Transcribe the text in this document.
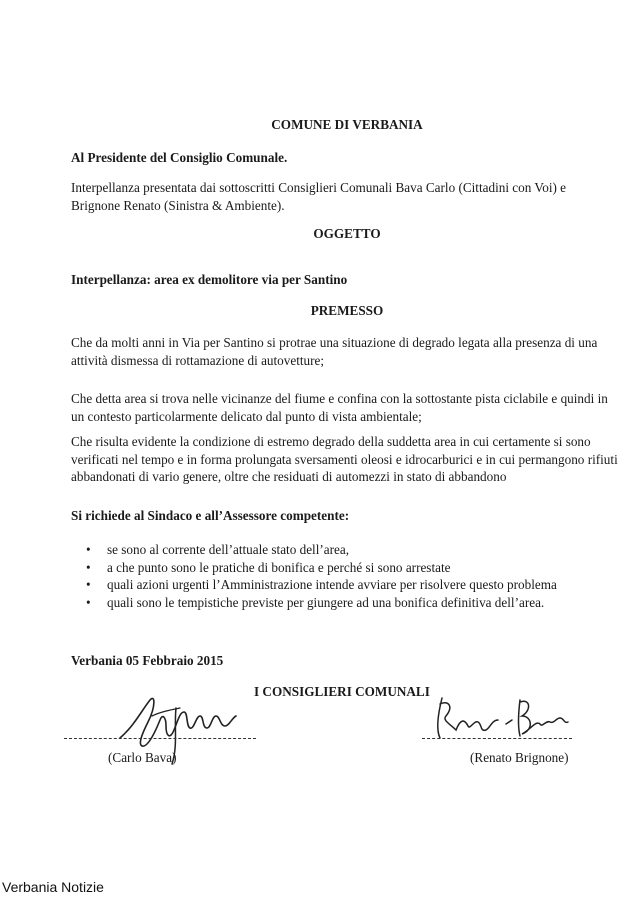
COMUNE DI VERBANIA

Al Presidente del Consiglio Comunale.

Interpellanza presentata dai sottoscritti Consiglieri Comunali Bava Carlo (Cittadini con Voi) e Brignone Renato (Sinistra & Ambiente).

OGGETTO

Interpellanza: area ex demolitore via per Santino

PREMESSO

Che da molti anni in Via per Santino si protrae una situazione di degrado legata alla presenza di una attività dismessa di rottamazione di autovetture;

Che detta area si trova nelle vicinanze del fiume e confina con la sottostante pista ciclabile e quindi in un contesto particolarmente delicato dal punto di vista ambientale;

Che risulta evidente la condizione di estremo degrado della suddetta area in cui certamente si sono verificati nel tempo e in forma prolungata sversamenti oleosi e idrocarburici e in cui permangono rifiuti abbandonati di vario genere, oltre che residuati di automezzi in stato di abbandono

Si richiede al Sindaco e all’Assessore competente:

• se sono al corrente dell’attuale stato dell’area,
• a che punto sono le pratiche di bonifica e perché si sono arrestate
• quali azioni urgenti l’Amministrazione intende avviare per risolvere questo problema
• quali sono le tempistiche previste per giungere ad una bonifica definitiva dell’area.

Verbania 05 Febbraio 2015

I CONSIGLIERI COMUNALI

(Carlo Bava)	(Renato Brignone)

Verbania Notizie
